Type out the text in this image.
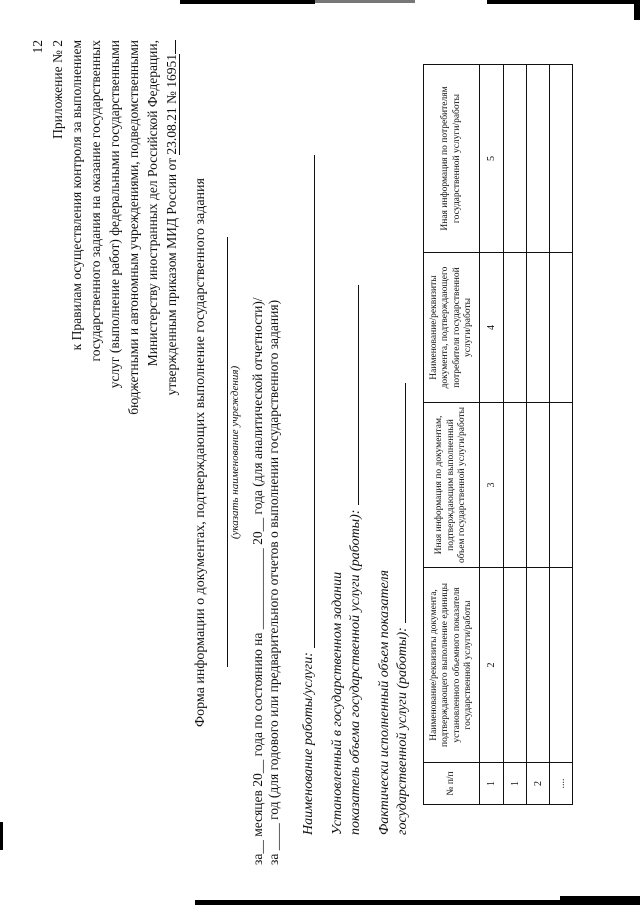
12 Приложение № 2 к Правилам осуществления контроля за выполнением государственного задания на оказание государственных услуг (выполнение работ) федеральными государственными бюджетными и автономным учреждениями, подведомственными Министерству иностранных дел Российской Федерации, утвержденным приказом МИД России от 23.08.21 № 16951
Форма информации о документах, подтверждающих выполнение государственного задания (указать наименование учреждения) за__ месяцев 20__ года по состоянию на ____________ 20__ года (для аналитической отчетности)/ за ____ год (для годового или предварительного отчетов о выполнении государственного задания) Наименование работы/услуги: Установленный в государственном задании показатель объема государственной услуги (работы): Фактически исполненный объем показателя государственной услуги (работы):	№ п/п	Наименование/реквизиты документа, подтверждающего выполнение единицы установленного объемного показателя государственной услуги/работы	Иная информация по документам, подтверждающим выполненный объем государственной услуги/работы	Наименование/реквизиты документа, подтверждающего потребителя государственной услуги/работы	Иная информация по потребителям государственной услуги/работы
1	2	3	4	5
1				
2				
....				
